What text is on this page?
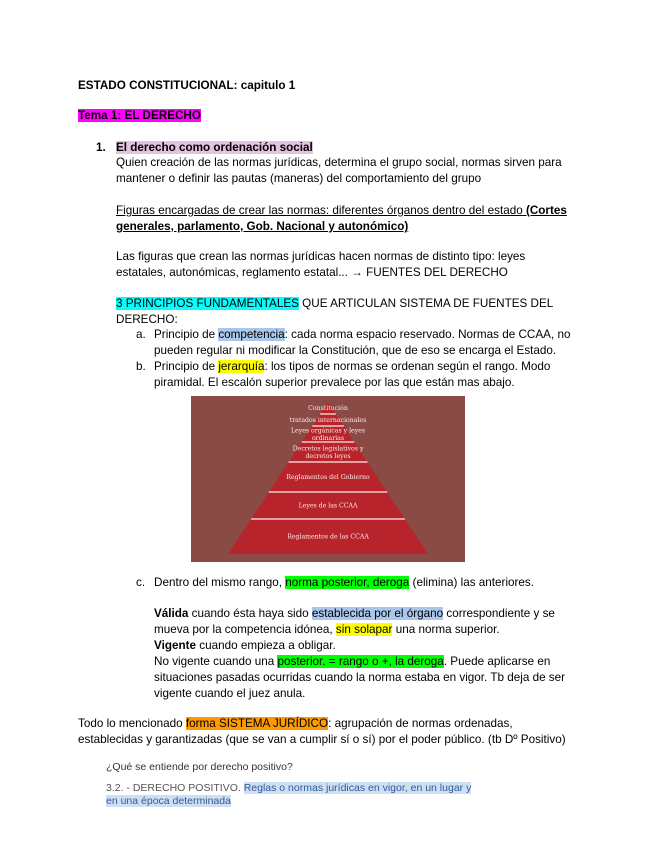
ESTADO CONSTITUCIONAL: capitulo 1
Tema 1: EL DERECHO
1. El derecho como ordenación social
Quien creación de las normas jurídicas, determina el grupo social, normas sirven para
mantener o definir las pautas (maneras) del comportamiento del grupo
Figuras encargadas de crear las normas: diferentes órganos dentro del estado (Cortes
generales, parlamento, Gob. Nacional y autonómico)
Las figuras que crean las normas jurídicas hacen normas de distinto tipo: leyes
estatales, autonómicas, reglamento estatal... → FUENTES DEL DERECHO
3 PRINCIPIOS FUNDAMENTALES QUE ARTICULAN SISTEMA DE FUENTES DEL
DERECHO:
a. Principio de competencia: cada norma espacio reservado. Normas de CCAA, no
pueden regular ni modificar la Constitución, que de eso se encarga el Estado.
b. Principio de jerarquía: los tipos de normas se ordenan según el rango. Modo
piramidal. El escalón superior prevalece por las que están mas abajo.
Constitución
tratados internacionales
Leyes orgánicas y leyes
ordinarias
Decretos legislativos y
decretos leyes
Reglamentos del Gobierno
Leyes de las CCAA
Reglamentos de las CCAA
c. Dentro del mismo rango, norma posterior, deroga (elimina) las anteriores.
Válida cuando ésta haya sido establecida por el órgano correspondiente y se
mueva por la competencia idónea, sin solapar una norma superior.
Vigente cuando empieza a obligar.
No vigente cuando una posterior. = rango o +, la deroga. Puede aplicarse en
situaciones pasadas ocurridas cuando la norma estaba en vigor. Tb deja de ser
vigente cuando el juez anula.
Todo lo mencionado forma SISTEMA JURÍDICO: agrupación de normas ordenadas,
establecidas y garantizadas (que se van a cumplir sí o sí) por el poder público. (tb Dº Positivo)
¿Qué se entiende por derecho positivo?
3.2. - DERECHO POSITIVO. Reglas o normas jurídicas en vigor, en un lugar y en una época determinada
